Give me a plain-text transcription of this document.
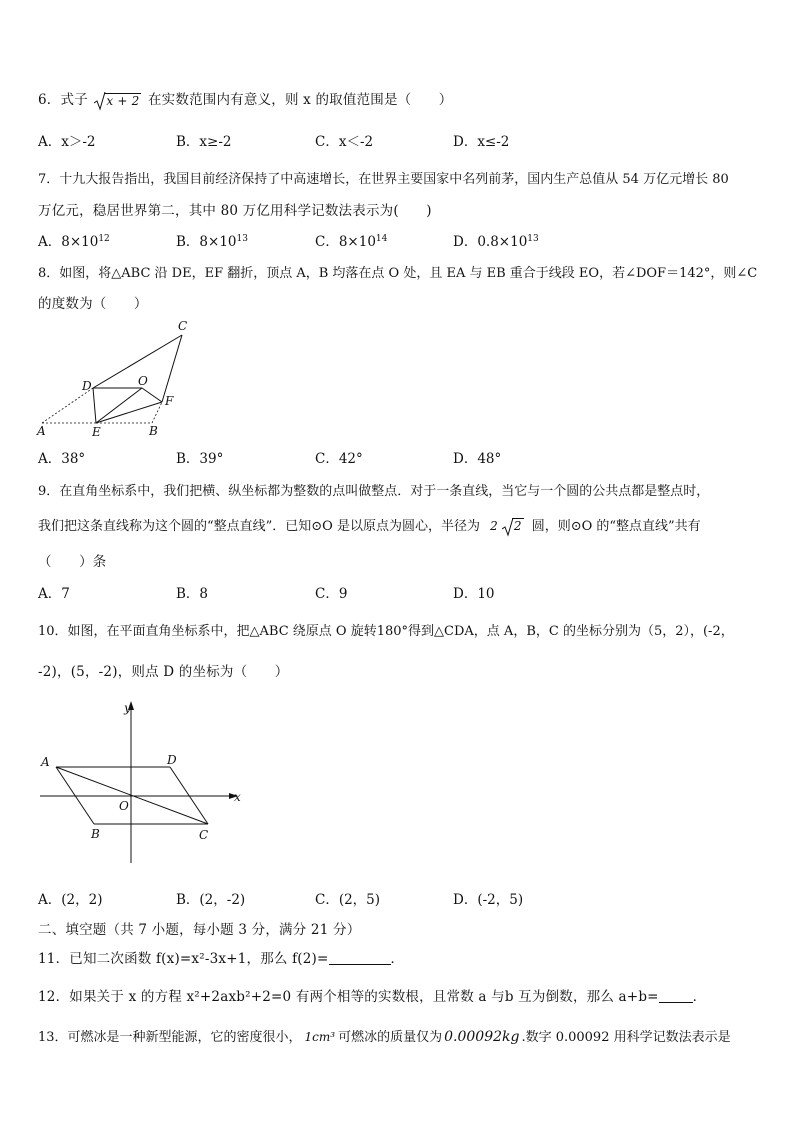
6．式子 x + 2 在实数范围内有意义，则 x 的取值范围是（　　）
A．x＞-2	B．x≥-2	C．x＜-2	D．x≤-2
7．十九大报告指出，我国目前经济保持了中高速增长，在世界主要国家中名列前茅，国内生产总值从 54 万亿元增长 80
万亿元，稳居世界第二，其中 80 万亿用科学记数法表示为(　　)
A．$8\times 10^{12}$	B．$8\times 10^{13}$	C．$8\times 10^{14}$	D．$0.8\times 10^{13}$
8．如图，将△ABC 沿 DE，EF 翻折，顶点 A，B 均落在点 O 处，且 EA 与 EB 重合于线段 EO，若∠DOF＝142°，则∠C
的度数为（　　）
C
D	O
F
A	E	B
A．38°	B．39°	C．42°	D．48°
9．在直角坐标系中，我们把横、纵坐标都为整数的点叫做整点．对于一条直线，当它与一个圆的公共点都是整点时，
我们把这条直线称为这个圆的“整点直线”．已知⊙O 是以原点为圆心，半径为 2 2 圆，则⊙O 的“整点直线”共有
（　　）条
A．7	B．8	C．9	D．10
10．如图，在平面直角坐标系中，把△ABC 绕原点 O 旋转180°得到△CDA，点 A，B，C 的坐标分别为（5，2），(-2，
-2)，(5，-2)，则点 D 的坐标为（　　）
y
x
O
A	D
B	C
A．(2，2)	B．(2，-2)	C．(2，5)	D．(-2，5)
二、填空题（共 7 小题，每小题 3 分，满分 21 分）
11．已知二次函数 f(x)=x²-3x+1，那么 f(2)=	．
12．如果关于 x 的方程 x²+2axb²+2=0 有两个相等的实数根，且常数 a 与b 互为倒数，那么 a+b=	．
13．可燃冰是一种新型能源，它的密度很小， 1cm³ 可燃冰的质量仅为 0.00092kg .数字 0.00092 用科学记数法表示是
